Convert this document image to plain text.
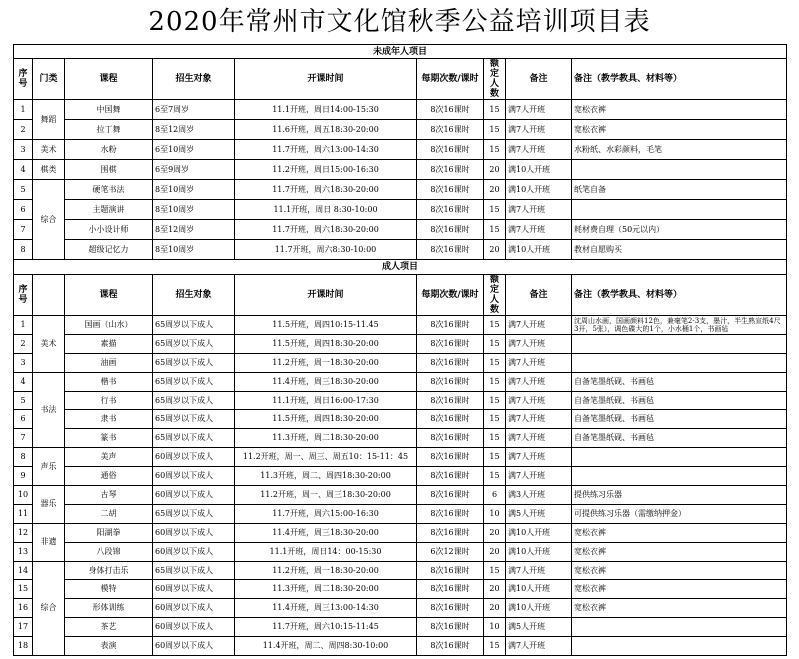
2020年常州市文化馆秋季公益培训项目表
未成年人项目								
序号	门类	课程	招生对象	开课时间	每期次数/课时	额定人数	备注	备注（教学教具、材料等）
1	舞蹈	中国舞	6至7周岁	11.1开班，周日14:00-15:30	8次16课时	15	满7人开班	宽松衣裤
2		拉丁舞	8至12周岁	11.6开班，周五18:30-20:00	8次16课时	15	满7人开班	宽松衣裤
3	美术	水粉	6至10周岁	11.7开班，周六13:00-14:30	8次16课时	15	满7人开班	水粉纸、水彩颜料，毛笔
4	棋类	围棋	6至9周岁	11.2开班，周日15:00-16:30	8次16课时	20	满10人开班	
5	综合	硬笔书法	8至10周岁	11.7开班，周六18:30-20:00	8次16课时	20	满10人开班	纸笔自备
6		主题演讲	8至10周岁	11.1开班，周日 8:30-10:00	8次16课时	15	满7人开班	
7		小小设计师	8至12周岁	11.7开班，周六18:30-20:00	8次16课时	15	满7人开班	耗材费自理（50元以内）
8		超级记忆力	8至10周岁	11.7开班，周六8:30-10:00	8次16课时	20	满10人开班	教材自愿购买
成人项目								
序号		课程	招生对象	开课时间	每期次数/课时	额定人数	备注	备注（教学教具、材料等）
1	美术	国画（山水）	65周岁以下成人	11.5开班，周四10:15-11.45	8次16课时	15	满7人开班	沈周山水画，国画颜料12色，兼毫笔2-3支，墨汁，半生熟宣纸4尺3开，5张），调色碟大的1个，小水桶1个，书画毡
2		素描	65周岁以下成人	11.5开班，周四18:30-20:00	8次16课时	15	满7人开班	
3		油画	65周岁以下成人	11.2开班，周一18:30-20:00	8次16课时	15	满7人开班	
4	书法	楷书	65周岁以下成人	11.4开班，周三18:30-20:00	8次16课时	15	满7人开班	自备笔墨纸砚、书画毡
5		行书	65周岁以下成人	11.1开班，周日16:00-17:30	8次16课时	15	满7人开班	自备笔墨纸砚、书画毡
6		隶书	65周岁以下成人	11.5开班，周四18:30-20:00	8次16课时	15	满7人开班	自备笔墨纸砚、书画毡
7		篆书	65周岁以下成人	11.3开班，周二18:30-20:00	8次16课时	15	满7人开班	自备笔墨纸砚、书画毡
8	声乐	美声	60周岁以下成人	11.2开班，周一、周三、周五10：15-11：45	8次16课时	15	满7人开班	
9		通俗	60周岁以下成人	11.3开班，周二、周四18:30-20:00	8次16课时	15	满7人开班	
10	器乐	古琴	60周岁以下成人	11.2开班，周一、周三18:30-20:00	8次16课时	6	满3人开班	提供练习乐器
11		二胡	65周岁以下成人	11.7开班，周六15:00-16:30	8次16课时	10	满5人开班	可提供练习乐器（需缴纳押金）
12	非遗	阳湖拳	60周岁以下成人	11.4开班，周三18:30-20:00	8次16课时	20	满10人开班	宽松衣裤
13		八段锦	60周岁以下成人	11.1开班，周日14：00-15:30	6次12课时	20	满10人开班	宽松衣裤
14	综合	身体打击乐	65周岁以下成人	11.2开班，周一18:30-20:00	8次16课时	15	满7人开班	宽松衣裤
15		模特	60周岁以下成人	11.3开班，周二18:30-20:00	8次16课时	20	满10人开班	宽松衣裤
16		形体训练	60周岁以下成人	11.4开班，周三13:00-14:30	8次16课时	20	满10人开班	宽松衣裤
17		茶艺	60周岁以下成人	11.7开班，周六10:15-11:45	8次16课时	10	满5人开班	
18		表演	60周岁以下成人	11.4开班，周二、周四8:30-10:00	8次16课时	15	满7人开班	
